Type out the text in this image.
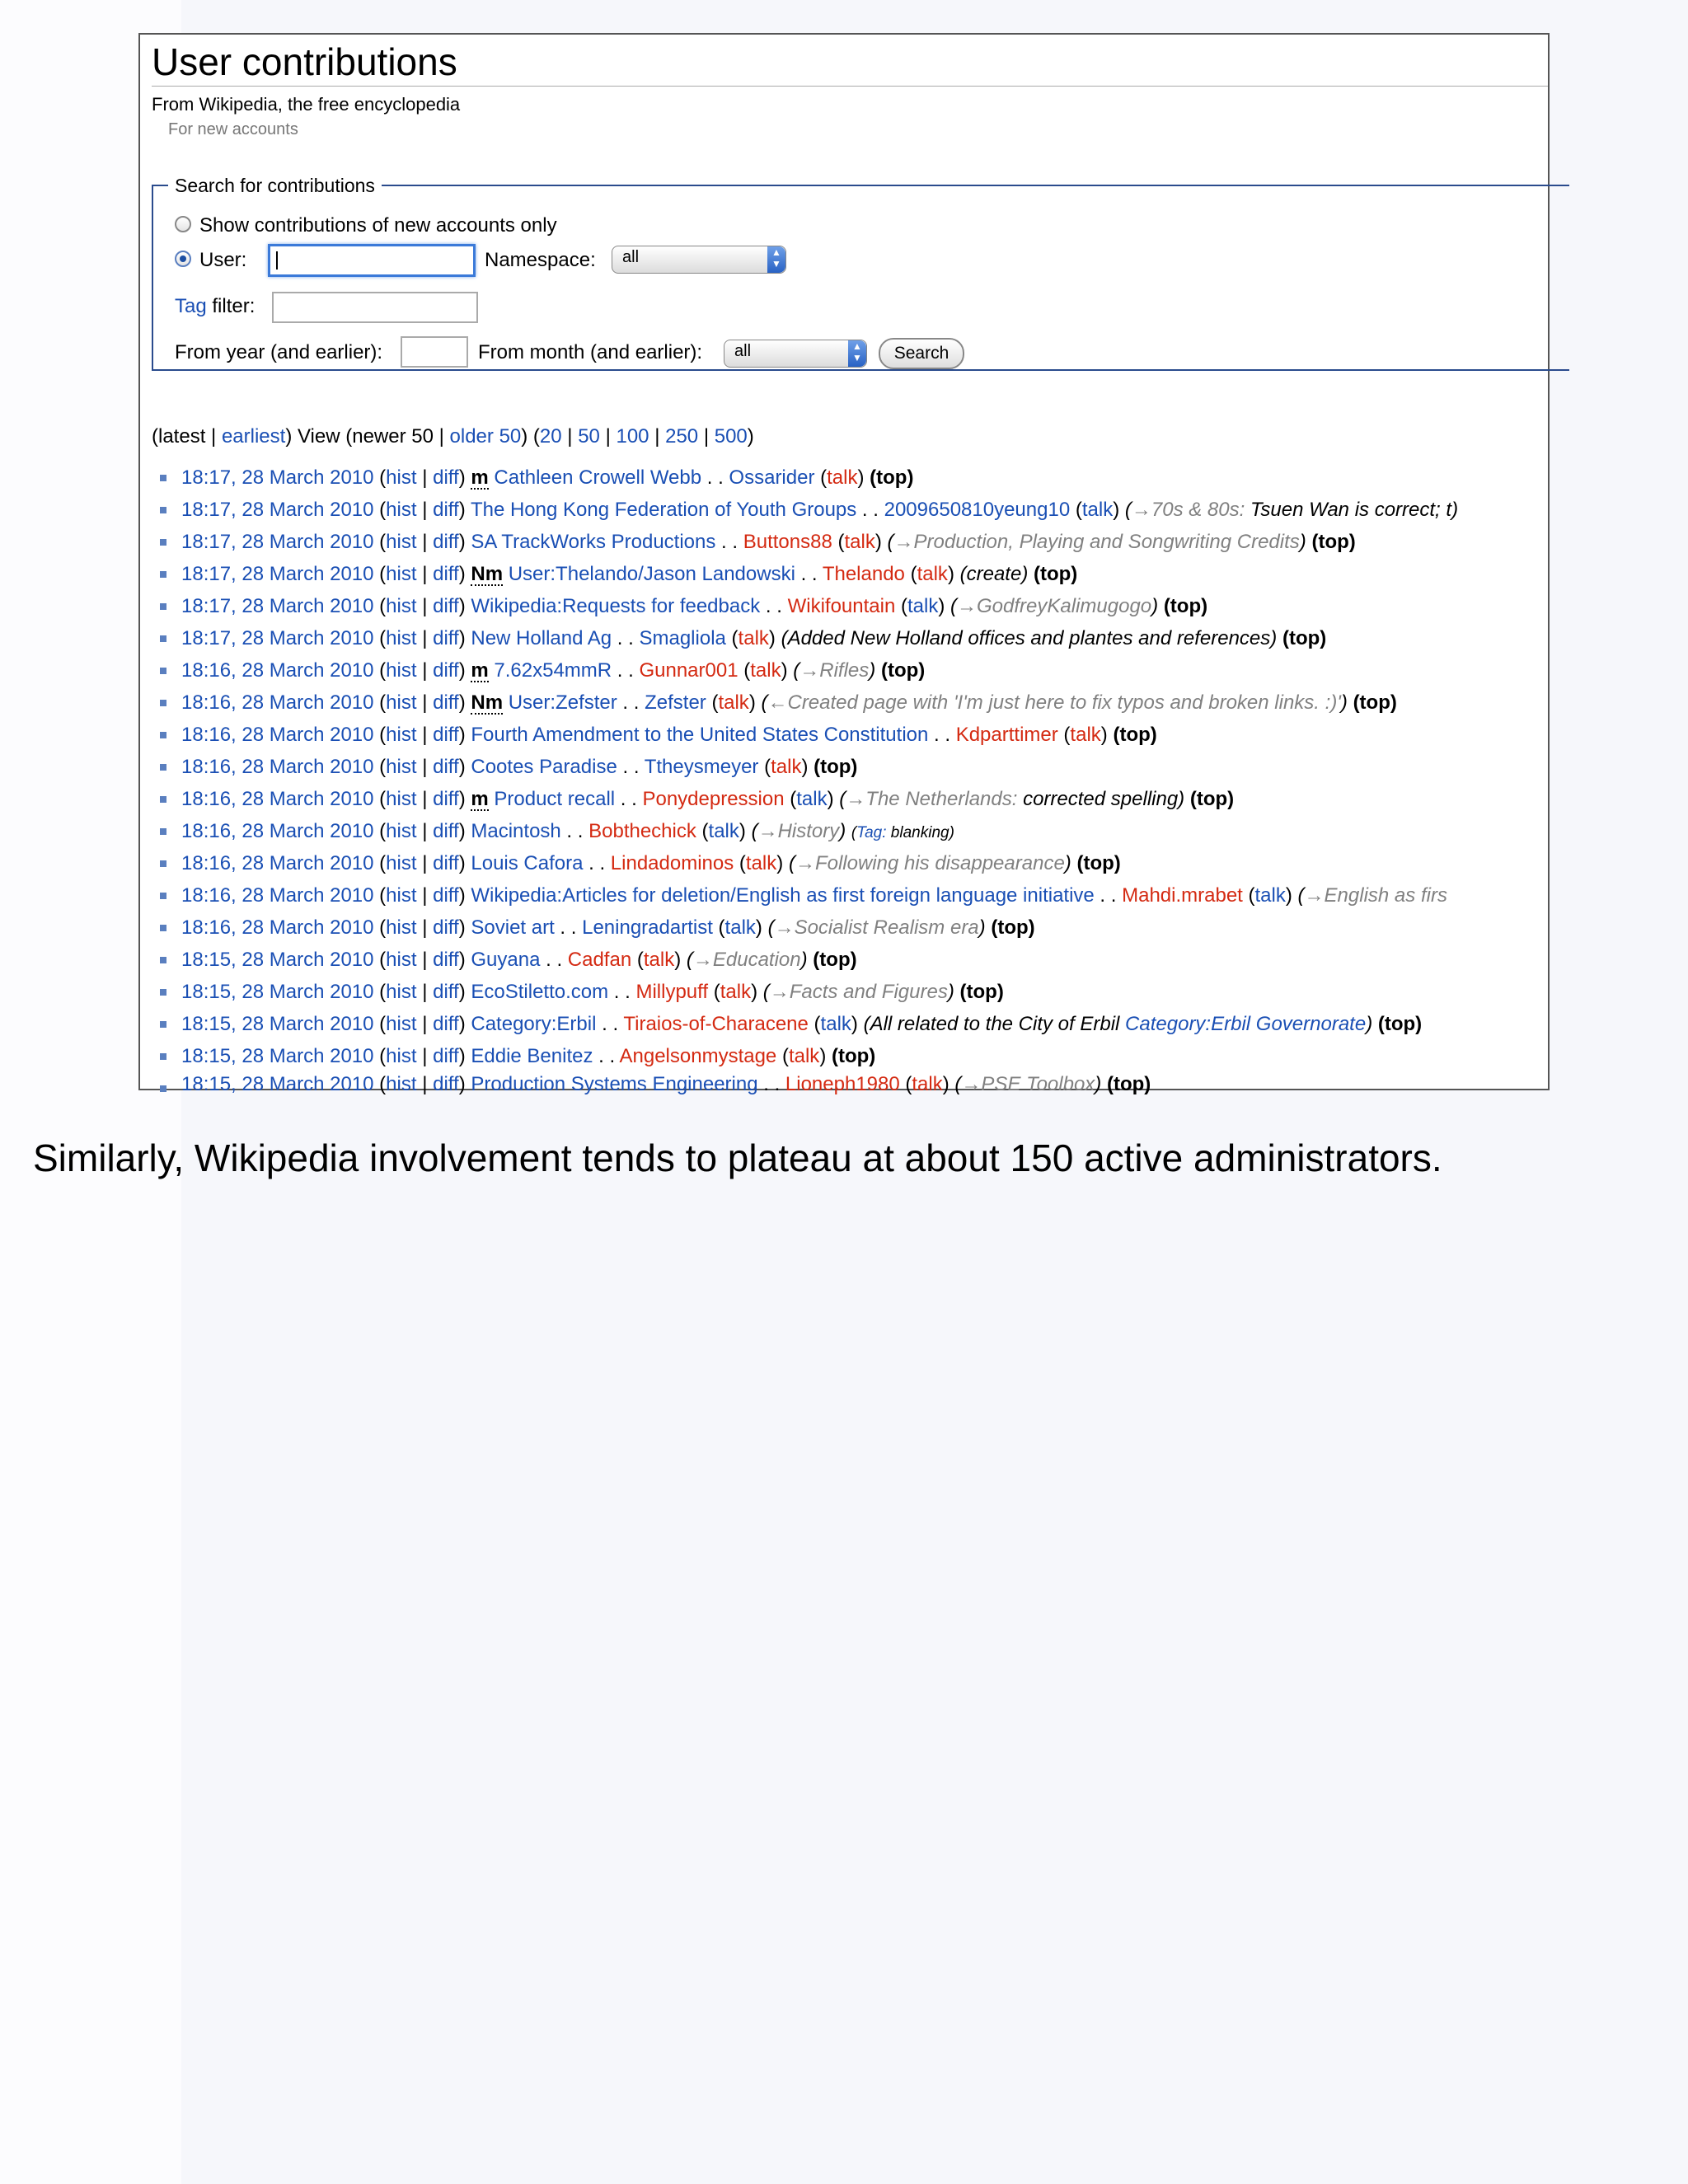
User contributions
From Wikipedia, the free encyclopedia
For new accounts
Search for contributions
Show contributions of new accounts only
User:	Namespace: all	▲
▼
Tag filter:
From year (and earlier):	From month (and earlier): all	▲
▼	Search
(latest | earliest) View (newer 50 | older 50) (20 | 50 | 100 | 250 | 500)
18:17, 28 March 2010 (hist | diff) m Cathleen Crowell Webb . . Ossarider (talk) (top)
18:17, 28 March 2010 (hist | diff) The Hong Kong Federation of Youth Groups . . 2009650810yeung10 (talk) (→70s & 80s: Tsuen Wan is correct; t)
18:17, 28 March 2010 (hist | diff) SA TrackWorks Productions . . Buttons88 (talk) (→Production, Playing and Songwriting Credits) (top)
18:17, 28 March 2010 (hist | diff) Nm User:Thelando/Jason Landowski . . Thelando (talk) (create) (top)
18:17, 28 March 2010 (hist | diff) Wikipedia:Requests for feedback . . Wikifountain (talk) (→GodfreyKalimugogo) (top)
18:17, 28 March 2010 (hist | diff) New Holland Ag . . Smagliola (talk) (Added New Holland offices and plantes and references) (top)
18:16, 28 March 2010 (hist | diff) m 7.62x54mmR . . Gunnar001 (talk) (→Rifles) (top)
18:16, 28 March 2010 (hist | diff) Nm User:Zefster . . Zefster (talk) (←Created page with 'I'm just here to fix typos and broken links. :)') (top)
18:16, 28 March 2010 (hist | diff) Fourth Amendment to the United States Constitution . . Kdparttimer (talk) (top)
18:16, 28 March 2010 (hist | diff) Cootes Paradise . . Ttheysmeyer (talk) (top)
18:16, 28 March 2010 (hist | diff) m Product recall . . Ponydepression (talk) (→The Netherlands: corrected spelling) (top)
18:16, 28 March 2010 (hist | diff) Macintosh . . Bobthechick (talk) (→History) (Tag: blanking)
18:16, 28 March 2010 (hist | diff) Louis Cafora . . Lindadominos (talk) (→Following his disappearance) (top)
18:16, 28 March 2010 (hist | diff) Wikipedia:Articles for deletion/English as first foreign language initiative . . Mahdi.mrabet (talk) (→English as firs
18:16, 28 March 2010 (hist | diff) Soviet art . . Leningradartist (talk) (→Socialist Realism era) (top)
18:15, 28 March 2010 (hist | diff) Guyana . . Cadfan (talk) (→Education) (top)
18:15, 28 March 2010 (hist | diff) EcoStiletto.com . . Millypuff (talk) (→Facts and Figures) (top)
18:15, 28 March 2010 (hist | diff) Category:Erbil . . Tiraios-of-Characene (talk) (All related to the City of Erbil Category:Erbil Governorate) (top)
18:15, 28 March 2010 (hist | diff) Eddie Benitez . . Angelsonmystage (talk) (top)
18:15, 28 March 2010 (hist | diff) Production Systems Engineering . . Lioneph1980 (talk) (→PSE Toolbox) (top)
Similarly, Wikipedia involvement tends to plateau at about 150 active administrators.
